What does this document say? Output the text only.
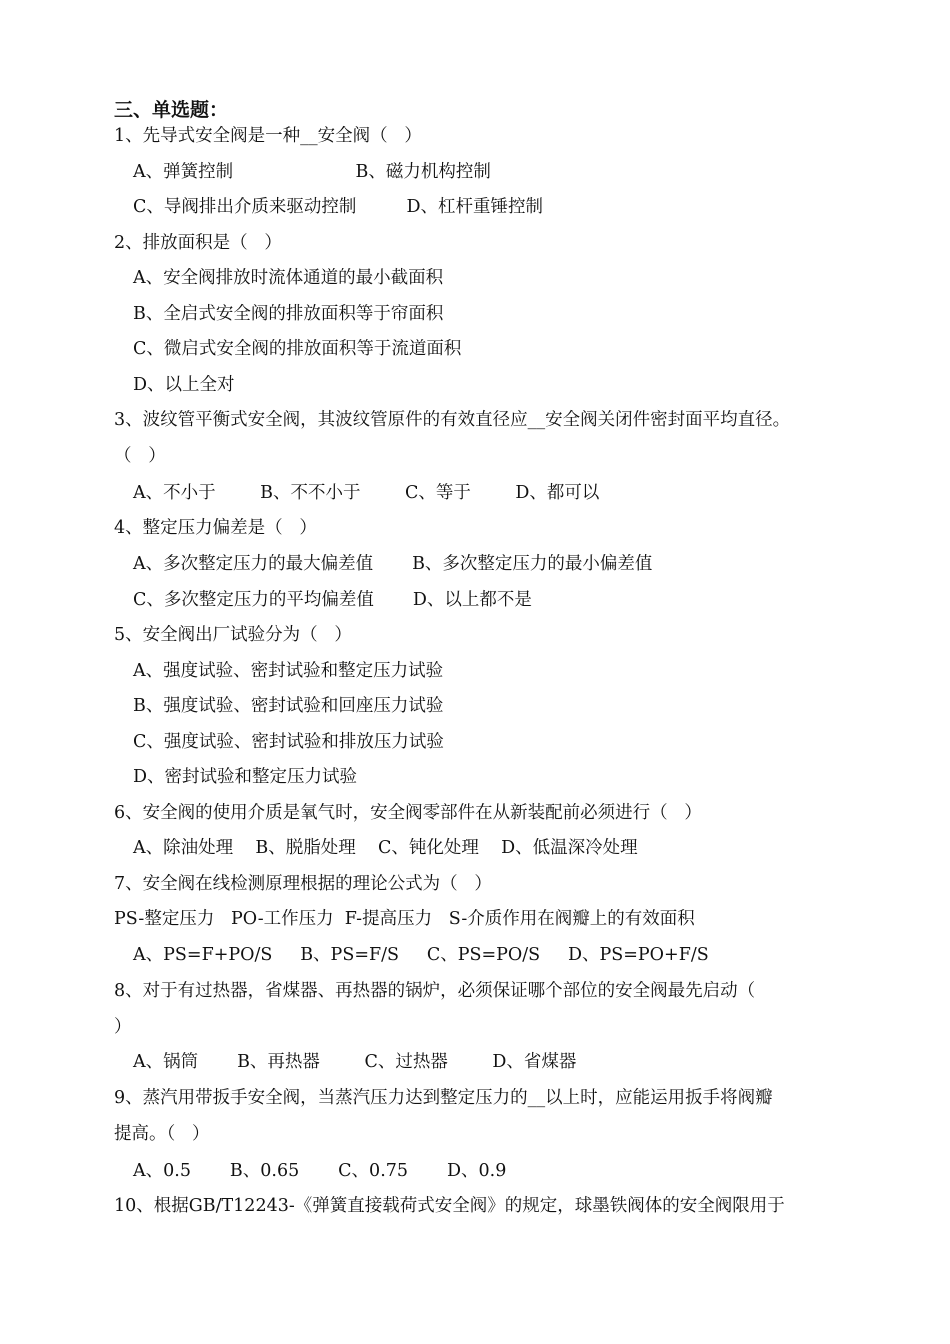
三、单选题：
1、先导式安全阀是一种__安全阀（   ）
A、弹簧控制                      B、磁力机构控制
C、导阀排出介质来驱动控制         D、杠杆重锤控制
2、排放面积是（   ）
A、安全阀排放时流体通道的最小截面积
B、全启式安全阀的排放面积等于帘面积
C、微启式安全阀的排放面积等于流道面积
D、以上全对
3、波纹管平衡式安全阀，其波纹管原件的有效直径应__安全阀关闭件密封面平均直径。
（   ）
A、不小于        B、不不小于        C、等于        D、都可以
4、整定压力偏差是（   ）
A、多次整定压力的最大偏差值       B、多次整定压力的最小偏差值
C、多次整定压力的平均偏差值       D、以上都不是
5、安全阀出厂试验分为（   ）
A、强度试验、密封试验和整定压力试验
B、强度试验、密封试验和回座压力试验
C、强度试验、密封试验和排放压力试验
D、密封试验和整定压力试验
6、安全阀的使用介质是氧气时，安全阀零部件在从新装配前必须进行（   ）
A、除油处理    B、脱脂处理    C、钝化处理    D、低温深冷处理
7、安全阀在线检测原理根据的理论公式为（   ）
PS-整定压力   PO-工作压力  F-提高压力   S-介质作用在阀瓣上的有效面积
A、PS=F+PO/S     B、PS=F/S     C、PS=PO/S     D、PS=PO+F/S
8、对于有过热器，省煤器、再热器的锅炉，必须保证哪个部位的安全阀最先启动（
）
A、锅筒       B、再热器        C、过热器        D、省煤器
9、蒸汽用带扳手安全阀，当蒸汽压力达到整定压力的__以上时，应能运用扳手将阀瓣
提高。（   ）
A、0.5       B、0.65       C、0.75       D、0.9
10、根据GB/T12243-《弹簧直接载荷式安全阀》的规定，球墨铁阀体的安全阀限用于
